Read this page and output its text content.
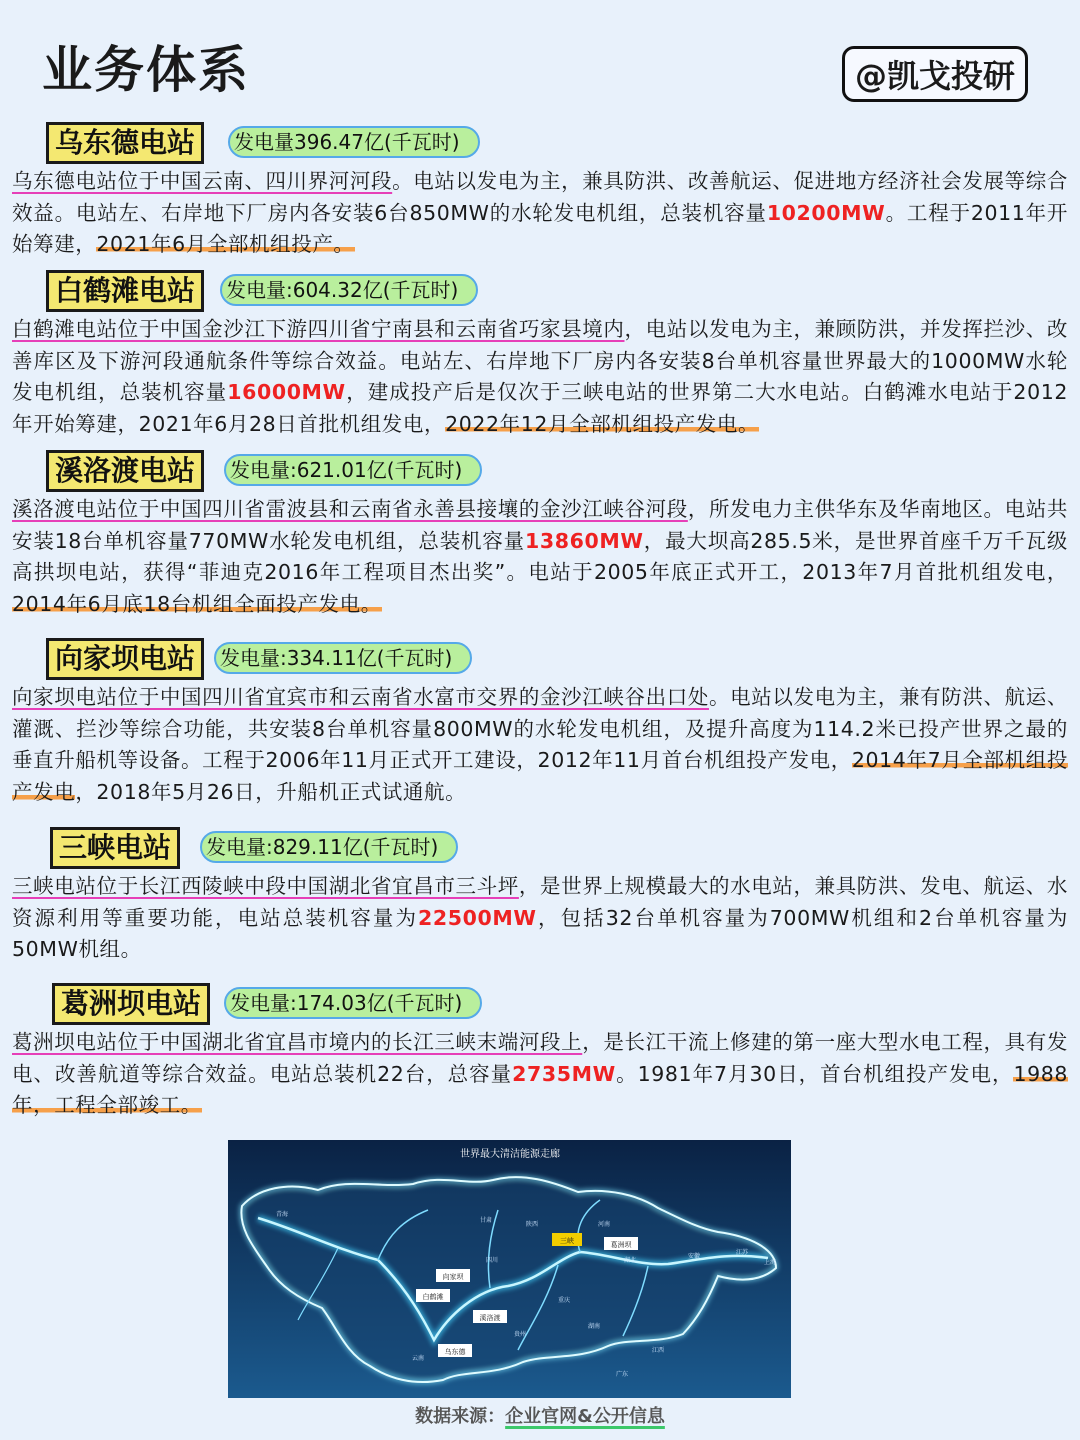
业务体系	@凯戈投研
乌东德电站	发电量396.47亿(千瓦时)

乌东德电站位于中国云南、四川界河河段。电站以发电为主，兼具防洪、改善航运、促进地方经济社会发展等综合效益。电站左、右岸地下厂房内各安装6台850MW的水轮发电机组，总装机容量10200MW。工程于2011年开始筹建，2021年6月全部机组投产。

白鹤滩电站	发电量:604.32亿(千瓦时)

白鹤滩电站位于中国金沙江下游四川省宁南县和云南省巧家县境内，电站以发电为主，兼顾防洪，并发挥拦沙、改善库区及下游河段通航条件等综合效益。电站左、右岸地下厂房内各安装8台单机容量世界最大的1000MW水轮发电机组，总装机容量16000MW，建成投产后是仅次于三峡电站的世界第二大水电站。白鹤滩水电站于2012年开始筹建，2021年6月28日首批机组发电，2022年12月全部机组投产发电。

溪洛渡电站	发电量:621.01亿(千瓦时)

溪洛渡电站位于中国四川省雷波县和云南省永善县接壤的金沙江峡谷河段，所发电力主供华东及华南地区。电站共安装18台单机容量770MW水轮发电机组，总装机容量13860MW，最大坝高285.5米，是世界首座千万千瓦级高拱坝电站，获得“菲迪克2016年工程项目杰出奖”。电站于2005年底正式开工，2013年7月首批机组发电，2014年6月底18台机组全面投产发电。

向家坝电站	发电量:334.11亿(千瓦时)

向家坝电站位于中国四川省宜宾市和云南省水富市交界的金沙江峡谷出口处。电站以发电为主，兼有防洪、航运、灌溉、拦沙等综合功能，共安装8台单机容量800MW的水轮发电机组，及提升高度为114.2米已投产世界之最的垂直升船机等设备。工程于2006年11月正式开工建设，2012年11月首台机组投产发电，2014年7月全部机组投产发电，2018年5月26日，升船机正式试通航。

三峡电站	发电量:829.11亿(千瓦时)

三峡电站位于长江西陵峡中段中国湖北省宜昌市三斗坪，是世界上规模最大的水电站，兼具防洪、发电、航运、水资源利用等重要功能，电站总装机容量为22500MW，包括32台单机容量为700MW机组和2台单机容量为50MW机组。

葛洲坝电站	发电量:174.03亿(千瓦时)

葛洲坝电站位于中国湖北省宜昌市境内的长江三峡末端河段上，是长江干流上修建的第一座大型水电工程，具有发电、改善航道等综合效益。电站总装机22台，总容量2735MW。1981年7月30日，首台机组投产发电，1988年，工程全部竣工。

世界最大清洁能源走廊
青海
四川
甘肃
陕西	河南
湖北
安徽
江苏
上海
重庆
贵州
云南
湖南
江西
广东
三峡	葛洲坝
向家坝
白鹤滩
溪洛渡
乌东德
数据来源：企业官网&公开信息
